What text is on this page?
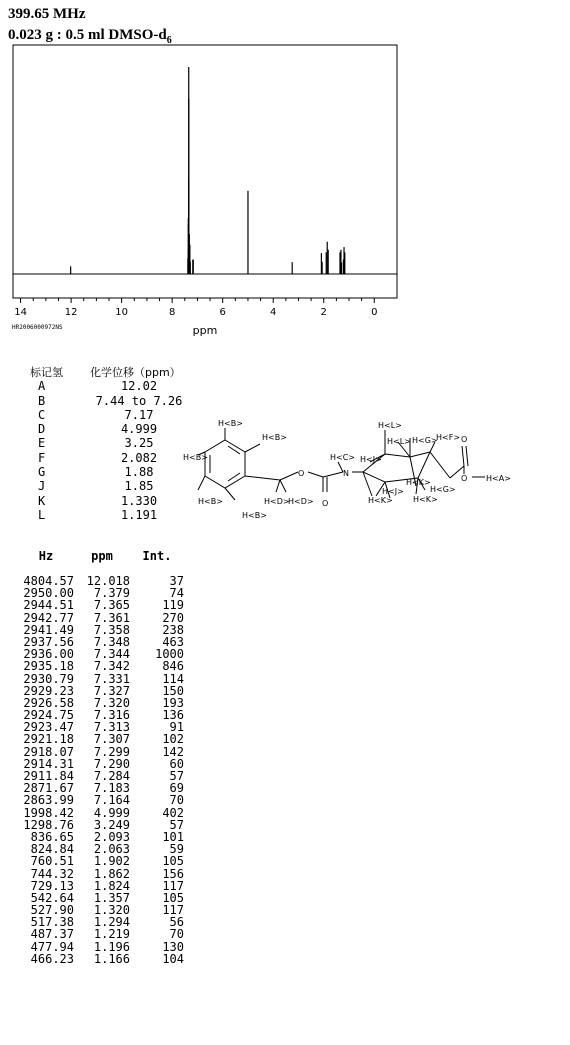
399.65 MHz
0.023 g : 0.5 ml DMSO-$d_6$
14	12	10	8	6	4	2	0
ppm
HR2006000972NS
标记氢 化学位移（ppm）
A	12.02
B	7.44 to 7.26
C	7.17
D	4.999
E	3.25
F	2.082
G	1.88
J	1.85
K	1.330
L	1.191
H<B>
H<B>
H<B>
H<B>
H<B>
H<D>
H<D>
O
O
H<C>
N
H<L>
H<L>
H<J>
H<G>
H<F>
H<K>
H<J>
H<K>
H<K>
H<G>
O
O H<A>
Hz	ppm Int.
4804.57 12.018	37
2950.00 7.379	74
2944.51 7.365	119
2942.77 7.361	270
2941.49 7.358	238
2937.56 7.348	463
2936.00 7.344 1000
2935.18 7.342	846
2930.79 7.331	114
2929.23 7.327	150
2926.58 7.320	193
2924.75 7.316	136
2923.47 7.313	91
2921.18 7.307	102
2918.07 7.299	142
2914.31 7.290	60
2911.84 7.284	57
2871.67 7.183	69
2863.99 7.164	70
1998.42 4.999	402
1298.76 3.249	57
836.65 2.093	101
824.84 2.063	59
760.51 1.902	105
744.32 1.862	156
729.13 1.824	117
542.64 1.357	105
527.90 1.320	117
517.38 1.294	56
487.37 1.219	70
477.94 1.196	130
466.23 1.166	104
